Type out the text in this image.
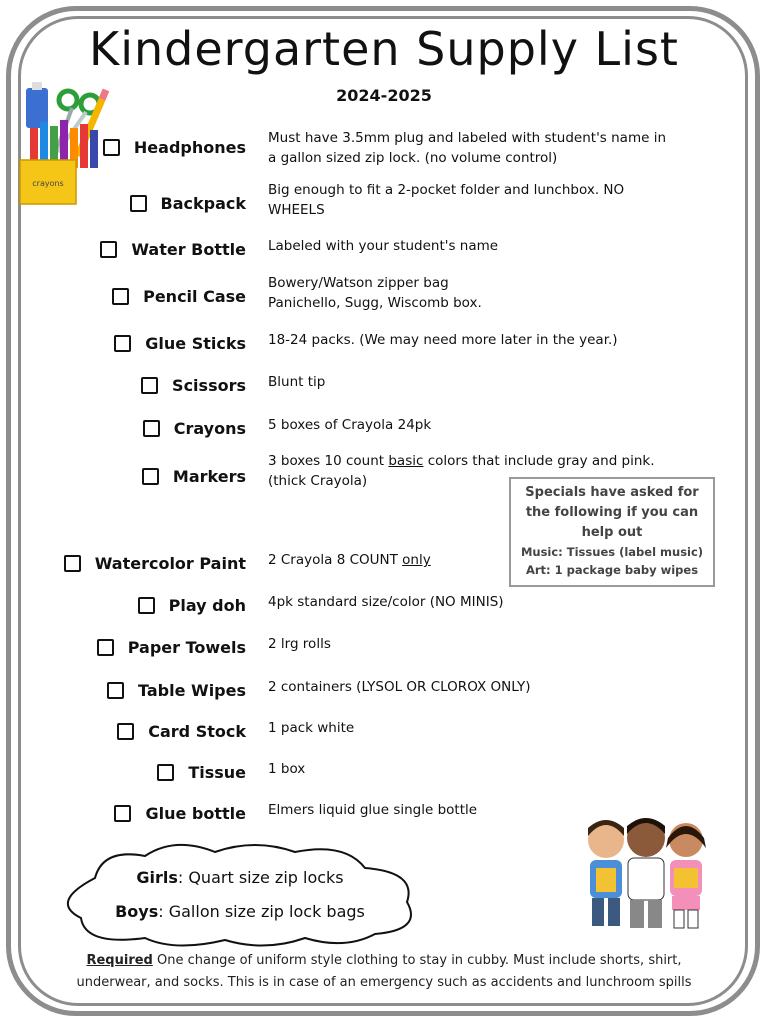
Kindergarten Supply List
2024-2025
crayons
Headphones Must have 3.5mm plug and labeled with student's name in
a gallon sized zip lock. (no volume control)
Backpack
Big enough to fit a 2-pocket folder and lunchbox. NO
WHEELS
Water Bottle Labeled with your student's name
Pencil Case
Bowery/Watson zipper bag
Panichello, Sugg, Wiscomb box.
Glue Sticks 18-24 packs. (We may need more later in the year.)
Scissors Blunt tip
Crayons 5 boxes of Crayola 24pk
Markers
3 boxes 10 count basic colors that include gray and pink.
(thick Crayola)
Specials have asked for
the following if you can
help out
Music: Tissues (label music)
Art: 1 package baby wipes
Watercolor Paint 2 Crayola 8 COUNT only
Play doh 4pk standard size/color (NO MINIS)
Paper Towels 2 lrg rolls
Table Wipes 2 containers (LYSOL OR CLOROX ONLY)
Card Stock 1 pack white
Tissue 1 box
Glue bottle Elmers liquid glue single bottle
Girls: Quart size zip locks
Boys: Gallon size zip lock bags
Required One change of uniform style clothing to stay in cubby. Must include shorts, shirt,
underwear, and socks. This is in case of an emergency such as accidents and lunchroom spills
